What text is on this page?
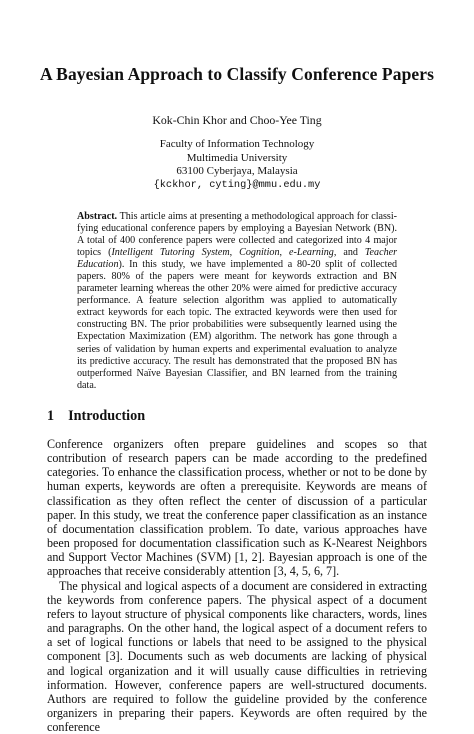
A Bayesian Approach to Classify Conference Papers
Kok-Chin Khor and Choo-Yee Ting
Faculty of Information Technology
Multimedia University
63100 Cyberjaya, Malaysia
{kckhor, cyting}@mmu.edu.my
Abstract. This article aims at presenting a methodological approach for classifying educational conference papers by employing a Bayesian Network (BN). A total of 400 conference papers were collected and categorized into 4 major topics (Intelligent Tutoring System, Cognition, e-Learning, and Teacher Education). In this study, we have implemented a 80-20 split of collected papers. 80% of the papers were meant for keywords extraction and BN parameter learning whereas the other 20% were aimed for predictive accuracy performance. A feature selection algorithm was applied to automatically extract keywords for each topic. The extracted keywords were then used for constructing BN. The prior probabilities were subsequently learned using the Expectation Maximization (EM) algorithm. The network has gone through a series of validation by human experts and experimental evaluation to analyze its predictive accuracy. The result has demonstrated that the proposed BN has outperformed Naïve Bayesian Classifier, and BN learned from the training data.
1 Introduction

Conference organizers often prepare guidelines and scopes so that contribution of research papers can be made according to the predefined categories. To enhance the classification process, whether or not to be done by human experts, keywords are often a prerequisite. Keywords are means of classification as they often reflect the center of discussion of a particular paper. In this study, we treat the conference paper classification as an instance of documentation classification problem. To date, various approaches have been proposed for documentation classification such as K-Nearest Neighbors and Support Vector Machines (SVM) [1, 2]. Bayesian approach is one of the approaches that receive considerably attention [3, 4, 5, 6, 7].

The physical and logical aspects of a document are considered in extracting the keywords from conference papers. The physical aspect of a document refers to layout structure of physical components like characters, words, lines and paragraphs. On the other hand, the logical aspect of a document refers to a set of logical functions or labels that need to be assigned to the physical component [3]. Documents such as web documents are lacking of physical and logical organization and it will usually cause difficulties in retrieving information. However, conference papers are well-structured documents. Authors are required to follow the guideline provided by the conference organizers in preparing their papers. Keywords are often required by the conference
